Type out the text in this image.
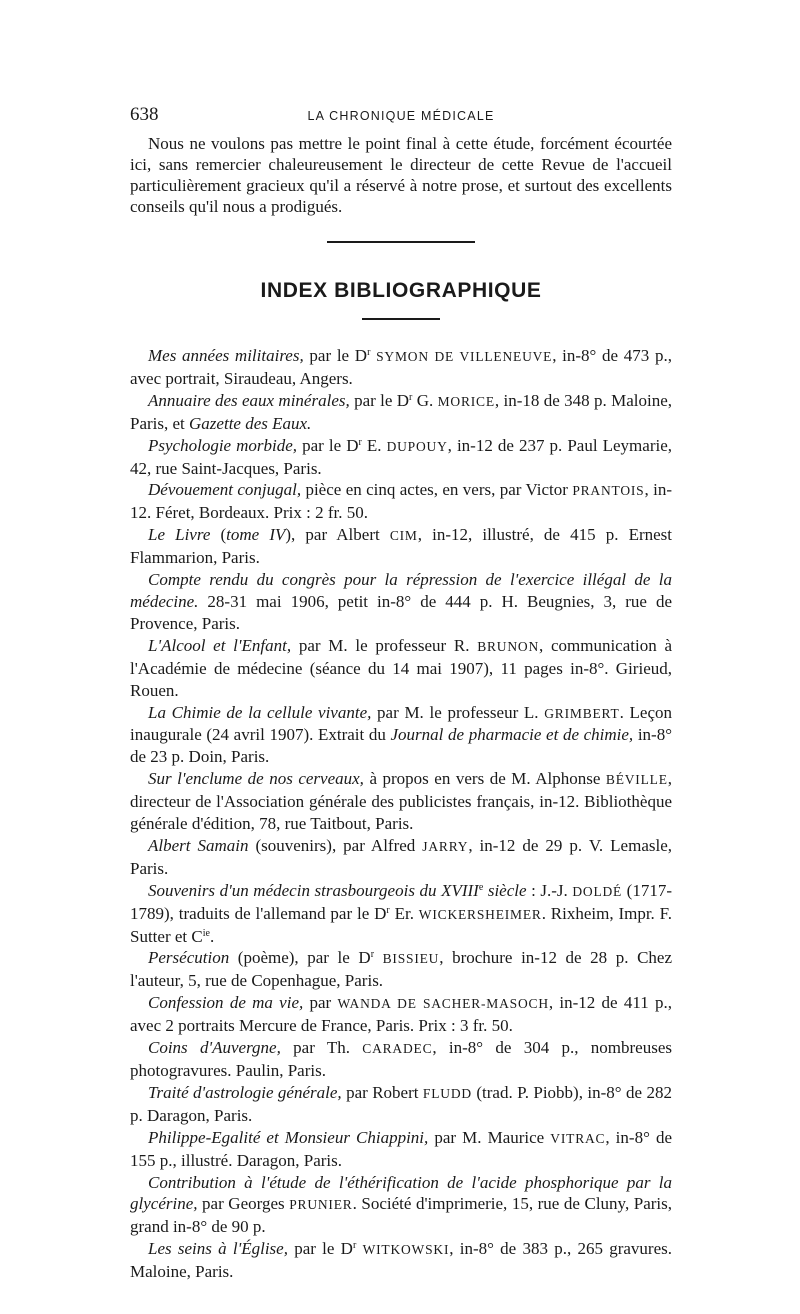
638	LA CHRONIQUE MÉDICALE

Nous ne voulons pas mettre le point final à cette étude, forcément écourtée ici, sans remercier chaleureusement le directeur de cette Revue de l'accueil particulièrement gracieux qu'il a réservé à notre prose, et surtout des excellents conseils qu'il nous a prodigués.

INDEX BIBLIOGRAPHIQUE

Mes années militaires, par le $D^r$ SYMON DE VILLENEUVE, in-8° de 473 p., avec portrait, Siraudeau, Angers.

Annuaire des eaux minérales, par le $D^r$ G. MORICE, in-18 de 348 p. Maloine, Paris, et Gazette des Eaux.

Psychologie morbide, par le $D^r$ E. DUPOUY, in-12 de 237 p. Paul Leymarie, 42, rue Saint-Jacques, Paris.

Dévouement conjugal, pièce en cinq actes, en vers, par Victor PRANTOIS, in-12. Féret, Bordeaux. Prix : 2 fr. 50.

Le Livre (tome IV), par Albert CIM, in-12, illustré, de 415 p. Ernest Flammarion, Paris.

Compte rendu du congrès pour la répression de l'exercice illégal de la médecine. 28-31 mai 1906, petit in-8° de 444 p. H. Beugnies, 3, rue de Provence, Paris.

L'Alcool et l'Enfant, par M. le professeur R. BRUNON, communication à l'Académie de médecine (séance du 14 mai 1907), 11 pages in-8°. Girieud, Rouen.

La Chimie de la cellule vivante, par M. le professeur L. GRIMBERT. Leçon inaugurale (24 avril 1907). Extrait du Journal de pharmacie et de chimie, in-8° de 23 p. Doin, Paris.

Sur l'enclume de nos cerveaux, à propos en vers de M. Alphonse BÉVILLE, directeur de l'Association générale des publicistes français, in-12. Bibliothèque générale d'édition, 78, rue Taitbout, Paris.

Albert Samain (souvenirs), par Alfred JARRY, in-12 de 29 p. V. Lemasle, Paris.

Souvenirs d'un médecin strasbourgeois du XVIIIe siècle : J.-J. DOLDÉ (1717-1789), traduits de l'allemand par le $D^r$ Er. WICKERSHEIMER. Rixheim, Impr. F. Sutter et $C^{ie}$.

Persécution (poème), par le $D^r$ BISSIEU, brochure in-12 de 28 p. Chez l'auteur, 5, rue de Copenhague, Paris.

Confession de ma vie, par WANDA DE SACHER-MASOCH, in-12 de 411 p., avec 2 portraits Mercure de France, Paris. Prix : 3 fr. 50.

Coins d'Auvergne, par Th. CARADEC, in-8° de 304 p., nombreuses photogravures. Paulin, Paris.

Traité d'astrologie générale, par Robert FLUDD (trad. P. Piobb), in-8° de 282 p. Daragon, Paris.

Philippe-Egalité et Monsieur Chiappini, par M. Maurice VITRAC, in-8° de 155 p., illustré. Daragon, Paris.

Contribution à l'étude de l'éthérification de l'acide phosphorique par la glycérine, par Georges PRUNIER. Société d'imprimerie, 15, rue de Cluny, Paris, grand in-8° de 90 p.

Les seins à l'Église, par le $D^r$ WITKOWSKI, in-8° de 383 p., 265 gravures. Maloine, Paris.
